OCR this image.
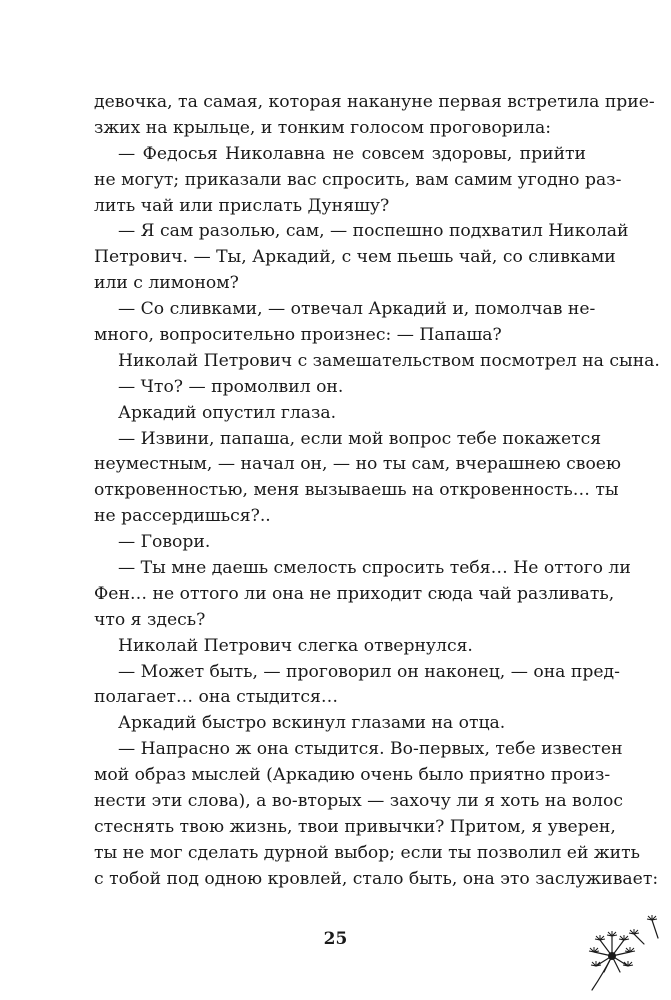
девочка, та самая, которая накануне первая встретила прие-
зжих на крыльце, и тонким голосом проговорила:
— Федосья Николавна не совсем здоровы, прийти
не могут; приказали вас спросить, вам самим угодно раз-
лить чай или прислать Дуняшу?
— Я сам разолью, сам, — поспешно подхватил Николай
Петрович. — Ты, Аркадий, с чем пьешь чай, со сливками
или с лимоном?
— Со сливками, — отвечал Аркадий и, помолчав не-
много, вопросительно произнес: — Папаша?
Николай Петрович с замешательством посмотрел на сына.
— Что? — промолвил он.
Аркадий опустил глаза.
— Извини, папаша, если мой вопрос тебе покажется
неуместным, — начал он, — но ты сам, вчерашнею своею
откровенностью, меня вызываешь на откровенность… ты
не рассердишься?..
— Говори.
— Ты мне даешь смелость спросить тебя… Не оттого ли
Фен… не оттого ли она не приходит сюда чай разливать,
что я здесь?
Николай Петрович слегка отвернулся.
— Может быть, — проговорил он наконец, — она пред-
полагает… она стыдится…
Аркадий быстро вскинул глазами на отца.
— Напрасно ж она стыдится. Во-первых, тебе известен
мой образ мыслей (Аркадию очень было приятно произ-
нести эти слова), а во-вторых — захочу ли я хоть на волос
стеснять твою жизнь, твои привычки? Притом, я уверен,
ты не мог сделать дурной выбор; если ты позволил ей жить
с тобой под одною кровлей, стало быть, она это заслуживает:
25
